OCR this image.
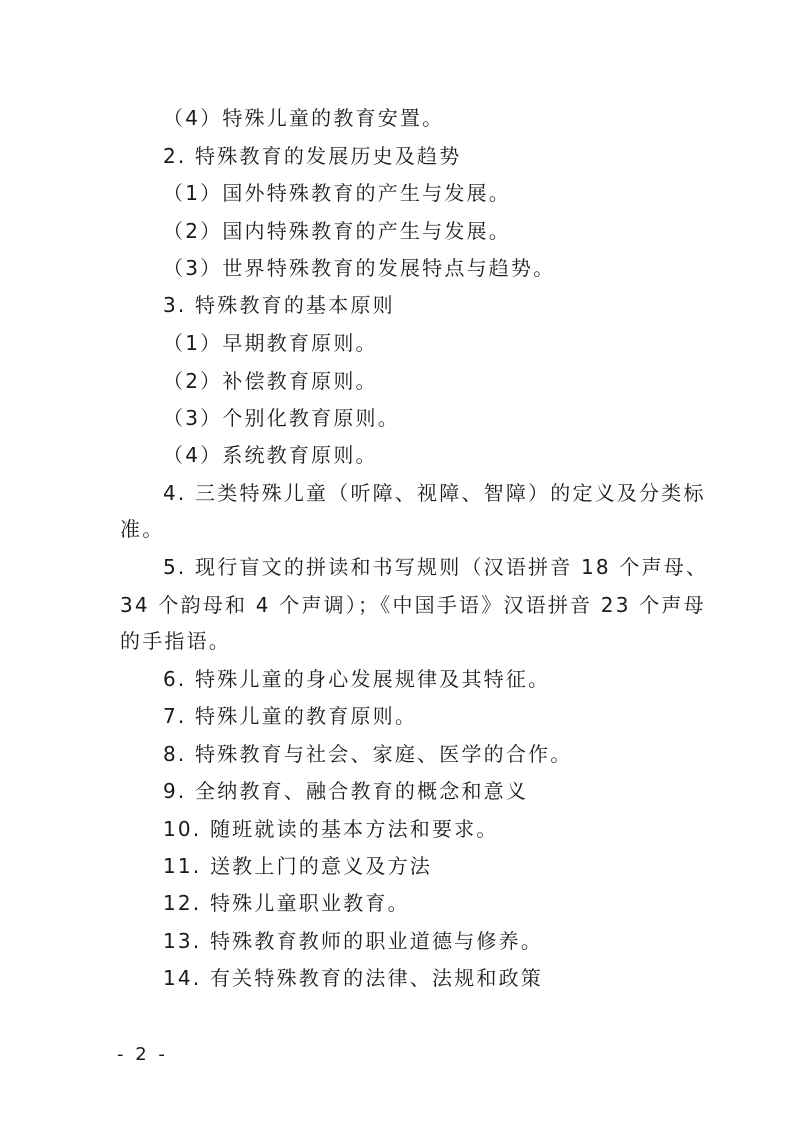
（4）特殊儿童的教育安置。
2. 特殊教育的发展历史及趋势
（1）国外特殊教育的产生与发展。
（2）国内特殊教育的产生与发展。
（3）世界特殊教育的发展特点与趋势。
3. 特殊教育的基本原则
（1）早期教育原则。
（2）补偿教育原则。
（3）个别化教育原则。
（4）系统教育原则。
4. 三类特殊儿童（听障、视障、智障）的定义及分类标
准。
5. 现行盲文的拼读和书写规则（汉语拼音 18 个声母、
34 个韵母和 4 个声调）；《中国手语》汉语拼音 23 个声母
的手指语。
6. 特殊儿童的身心发展规律及其特征。
7. 特殊儿童的教育原则。
8. 特殊教育与社会、家庭、医学的合作。
9. 全纳教育、融合教育的概念和意义
10. 随班就读的基本方法和要求。
11. 送教上门的意义及方法
12. 特殊儿童职业教育。
13. 特殊教育教师的职业道德与修养。
14. 有关特殊教育的法律、法规和政策
- 2 -
